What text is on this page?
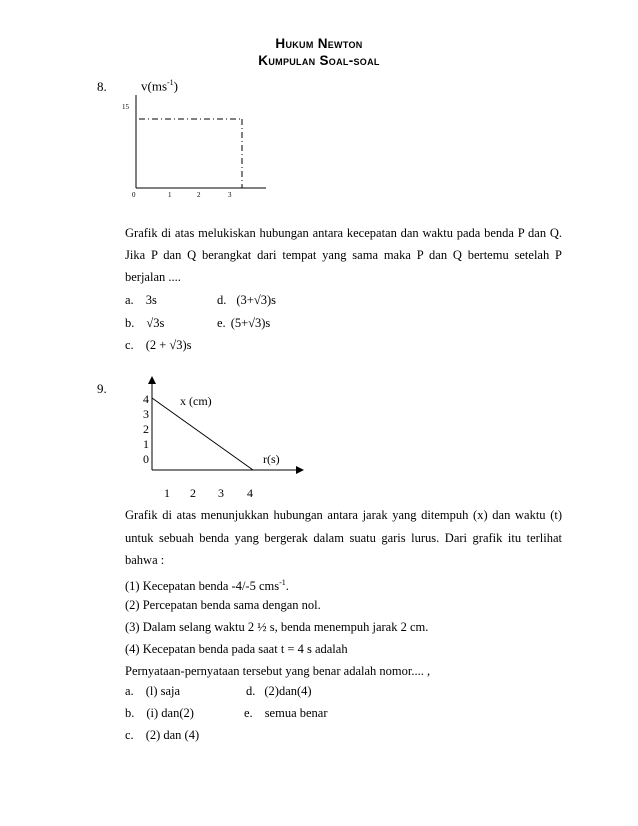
Hukum Newton
Kumpulan Soal-soal
8.	$v(ms^{-1})$
15
0	1	2	3
Grafik di atas melukiskan hubungan antara kecepatan dan waktu pada benda P dan Q.
Jika P dan Q berangkat dari tempat yang sama maka P dan Q bertemu setelah P
berjalan ....
a. 3s	d. (3+√3)s
b. √3s	e. (5+√3)s
c. (2 + √3)s
9.
4
3
2
1
0
x (cm)
r(s)
1 2 3 4
Grafik di atas menunjukkan hubungan antara jarak yang ditempuh (x) dan waktu (t)
untuk sebuah benda yang bergerak dalam suatu garis lurus. Dari grafik itu terlihat
bahwa :
(1) Kecepatan benda -4/-5 cms$^{-1}$.
(2) Percepatan benda sama dengan nol.
(3) Dalam selang waktu 2 ½ s, benda menempuh jarak 2 cm.
(4) Kecepatan benda pada saat t = 4 s adalah
Pernyataan-pernyataan tersebut yang benar adalah nomor.... ,
a. (l) saja	d. (2)dan(4)
b. (i) dan(2)	e. semua benar
c. (2) dan (4)
